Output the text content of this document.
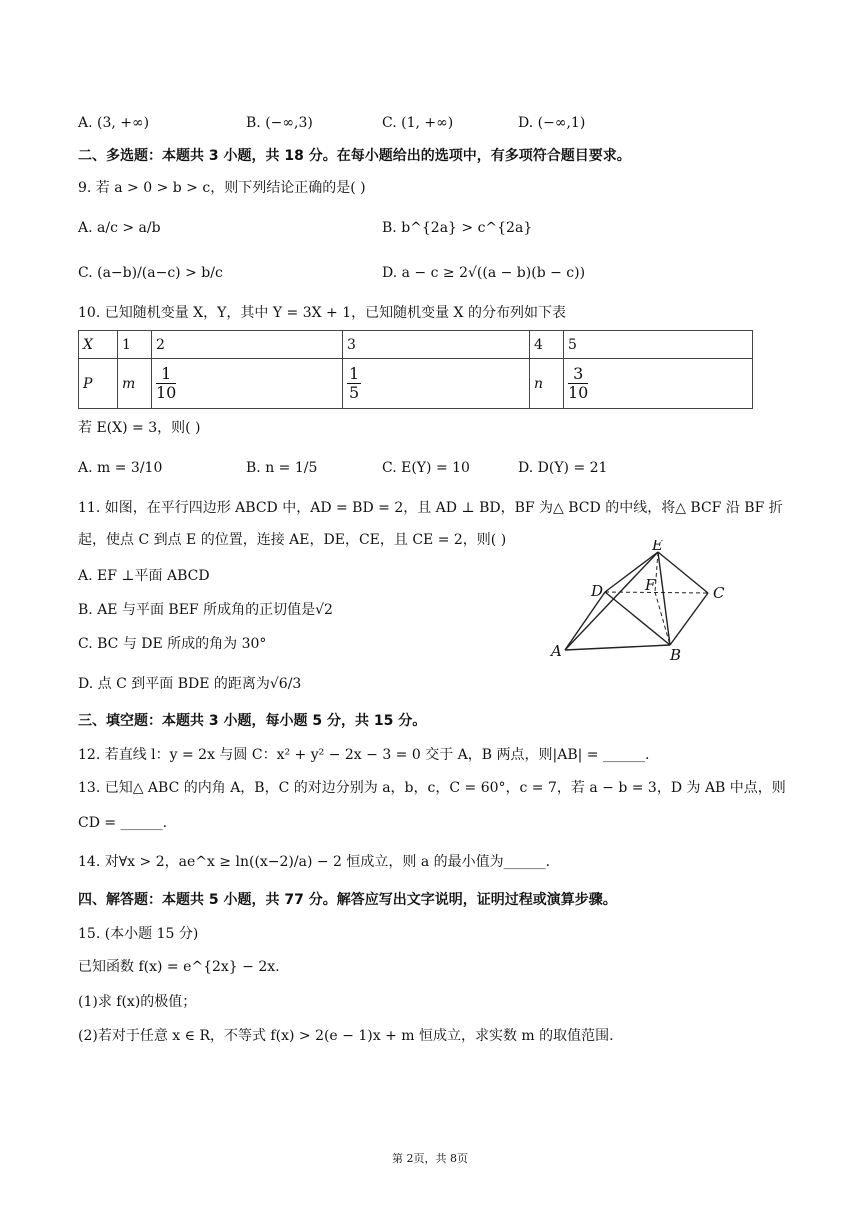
A. (3, +∞)	B. (−∞,3)	C. (1, +∞)	D. (−∞,1)
二、多选题：本题共 3 小题，共 18 分。在每小题给出的选项中，有多项符合题目要求。
9. 若 a > 0 > b > c，则下列结论正确的是( )
A. a/c > a/b	B. b^{2a} > c^{2a}
C. (a−b)/(a−c) > b/c	D. a − c ≥ 2√((a − b)(b − c))
10. 已知随机变量 X，Y，其中 Y = 3X + 1，已知随机变量 X 的分布列如下表
X	1	2	3	4	5
P	m	$\frac{1}{10}$	$\frac{1}{5}$	n	$\frac{3}{10}$
若 E(X) = 3，则( )
A. m = 3/10	B. n = 1/5	C. E(Y) = 10	D. D(Y) = 21
11. 如图，在平行四边形 ABCD 中，AD = BD = 2，且 AD ⊥ BD，BF 为△ BCD 的中线，将△ BCF 沿 BF 折
起，使点 C 到点 E 的位置，连接 AE，DE，CE，且 CE = 2，则( )
A. EF ⊥平面 ABCD
B. AE 与平面 BEF 所成角的正切值是√2
C. BC 与 DE 所成的角为 30°
D. 点 C 到平面 BDE 的距离为√6/3
E
D	F	C
A	B
三、填空题：本题共 3 小题，每小题 5 分，共 15 分。
12. 若直线 l：y = 2x 与圆 C：x² + y² − 2x − 3 = 0 交于 A，B 两点，则|AB| = ______.
13. 已知△ ABC 的内角 A，B，C 的对边分别为 a，b，c，C = 60°，c = 7，若 a − b = 3，D 为 AB 中点，则
CD = ______.
14. 对∀x > 2，ae^x ≥ ln((x−2)/a) − 2 恒成立，则 a 的最小值为______.
四、解答题：本题共 5 小题，共 77 分。解答应写出文字说明，证明过程或演算步骤。
15. (本小题 15 分)
已知函数 f(x) = e^{2x} − 2x.
(1)求 f(x)的极值；
(2)若对于任意 x ∈ R，不等式 f(x) > 2(e − 1)x + m 恒成立，求实数 m 的取值范围.
第 2页，共 8页
